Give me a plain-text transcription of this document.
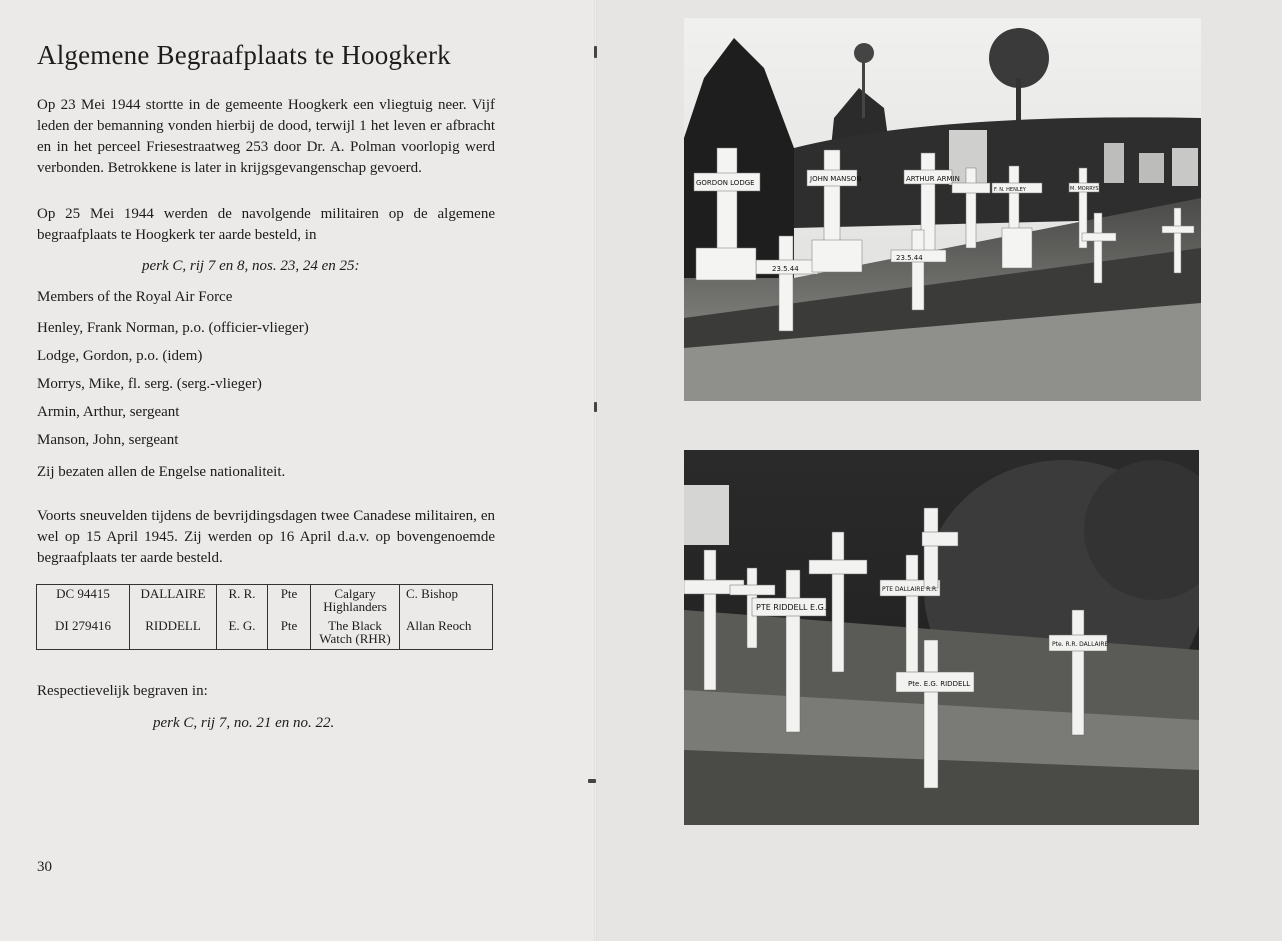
Algemene Begraafplaats te Hoogkerk

Op 23 Mei 1944 stortte in de gemeente Hoogkerk een vliegtuig neer. Vijf leden der bemanning vonden hierbij de dood, terwijl 1 het leven er afbracht en in het perceel Friesestraatweg 253 door Dr. A. Polman voorlopig werd verbonden. Betrokkene is later in krijgsgevangenschap gevoerd.

Op 25 Mei 1944 werden de navolgende militairen op de algemene begraafplaats te Hoogkerk ter aarde besteld, in

perk C, rij 7 en 8, nos. 23, 24 en 25:

Members of the Royal Air Force

Henley, Frank Norman, p.o. (officier-vlieger)

Lodge, Gordon, p.o. (idem)

Morrys, Mike, fl. serg. (serg.-vlieger)

Armin, Arthur, sergeant

Manson, John, sergeant

Zij bezaten allen de Engelse nationaliteit.

Voorts sneuvelden tijdens de bevrijdingsdagen twee Canadese militairen, en wel op 15 April 1945. Zij werden op 16 April d.a.v. op bovengenoemde begraafplaats ter aarde besteld.

DC 94415	DALLAIRE	R. R.	Pte	Calgary Highlanders	C. Bishop
DI 279416	RIDDELL	E. G.	Pte	The Black Watch (RHR)	Allan Reoch

Respectievelijk begraven in:

perk C, rij 7, no. 21 en no. 22.

30
GORDON LODGE	JOHN MANSON	ARTHUR ARMIN
F. N. HENLEY	M. MORRYS
23.5.44
23.5.44
PTE RIDDELL E.G.
PTE DALLAIRE R.R.
Pte. E.G. RIDDELL
Pte. R.R. DALLAIRE
